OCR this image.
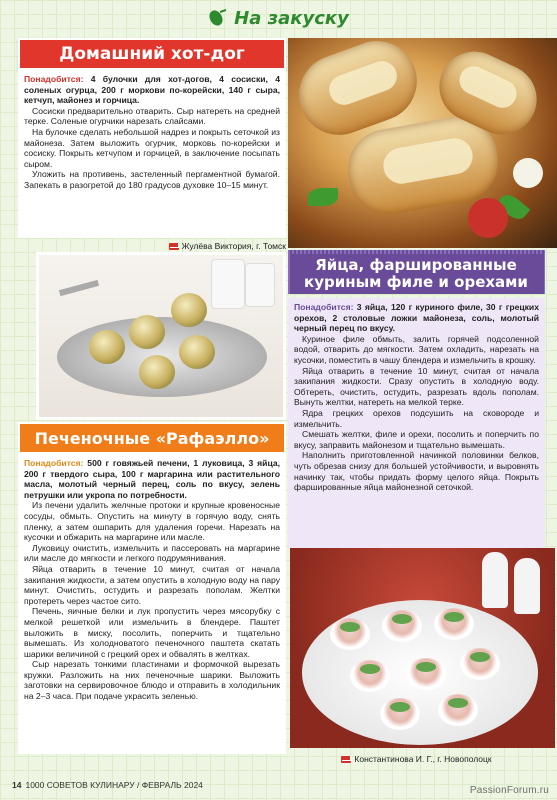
На закуску
Домашний хот-дог

Понадобится: 4 булочки для хот-догов, 4 сосиски, 4 соленых огурца, 200 г моркови по-корейски, 140 г сыра, кетчуп, майонез и горчица.

Сосиски предварительно отварить. Сыр натереть на средней терке. Соленые огурчики нарезать слайсами.

На булочке сделать небольшой надрез и покрыть сеточкой из майонеза. Затем выложить огурчик, морковь по-корейски и сосиску. Покрыть кетчупом и горчицей, в заключение посыпать сыром.

Уложить на противень, застеленный пергаментной бумагой. Запекать в разогретой до 180 градусов духовке 10–15 минут.

Жулёва Виктория, г. Томск
Печеночные «Рафаэлло»

Понадобится: 500 г говяжьей печени, 1 луковица, 3 яйца, 200 г твердого сыра, 100 г маргарина или растительного масла, молотый черный перец, соль по вкусу, зелень петрушки или укропа по потребности.

Из печени удалить желчные протоки и крупные кровеносные сосуды, обмыть. Опустить на минуту в горячую воду, снять пленку, а затем ошпарить для удаления горечи. Нарезать на кусочки и обжарить на маргарине или масле.

Луковицу очистить, измельчить и пассеровать на маргарине или масле до мягкости и легкого подрумянивания.

Яйца отварить в течение 10 минут, считая от начала закипания жидкости, а затем опустить в холодную воду на пару минут. Очистить, остудить и разрезать пополам. Желтки протереть через частое сито.

Печень, яичные белки и лук пропустить через мясорубку с мелкой решеткой или измельчить в блендере. Паштет выложить в миску, посолить, поперчить и тщательно вымешать. Из холодноватого печеночного паштета скатать шарики величиной с грецкий орех и обвалять в желтках.

Сыр нарезать тонкими пластинами и формочкой вырезать кружки. Разложить на них печеночные шарики. Выложить заготовки на сервировочное блюдо и отправить в холодильник на 2–3 часа. При подаче украсить зеленью.

Яйца, фаршированные
куриным филе и орехами

Понадобится: 3 яйца, 120 г куриного филе, 30 г грецких орехов, 2 столовые ложки майонеза, соль, молотый черный перец по вкусу.

Куриное филе обмыть, залить горячей подсоленной водой, отварить до мягкости. Затем охладить, нарезать на кусочки, поместить в чашу блендера и измельчить в крошку.

Яйца отварить в течение 10 минут, считая от начала закипания жидкости. Сразу опустить в холодную воду. Обтереть, очистить, остудить, разрезать вдоль пополам. Вынуть желтки, натереть на мелкой терке.

Ядра грецких орехов подсушить на сковороде и измельчить.

Смешать желтки, филе и орехи, посолить и поперчить по вкусу, заправить майонезом и тщательно вымешать.

Наполнить приготовленной начинкой половинки белков, чуть обрезав снизу для большей устойчивости, и выровнять начинку так, чтобы придать форму целого яйца. Покрыть фаршированные яйца майонезной сеточкой.

Константинова И. Г., г. Новополоцк
14 1000 СОВЕТОВ КУЛИНАРУ / ФЕВРАЛЬ 2024	PassionForum.ru
